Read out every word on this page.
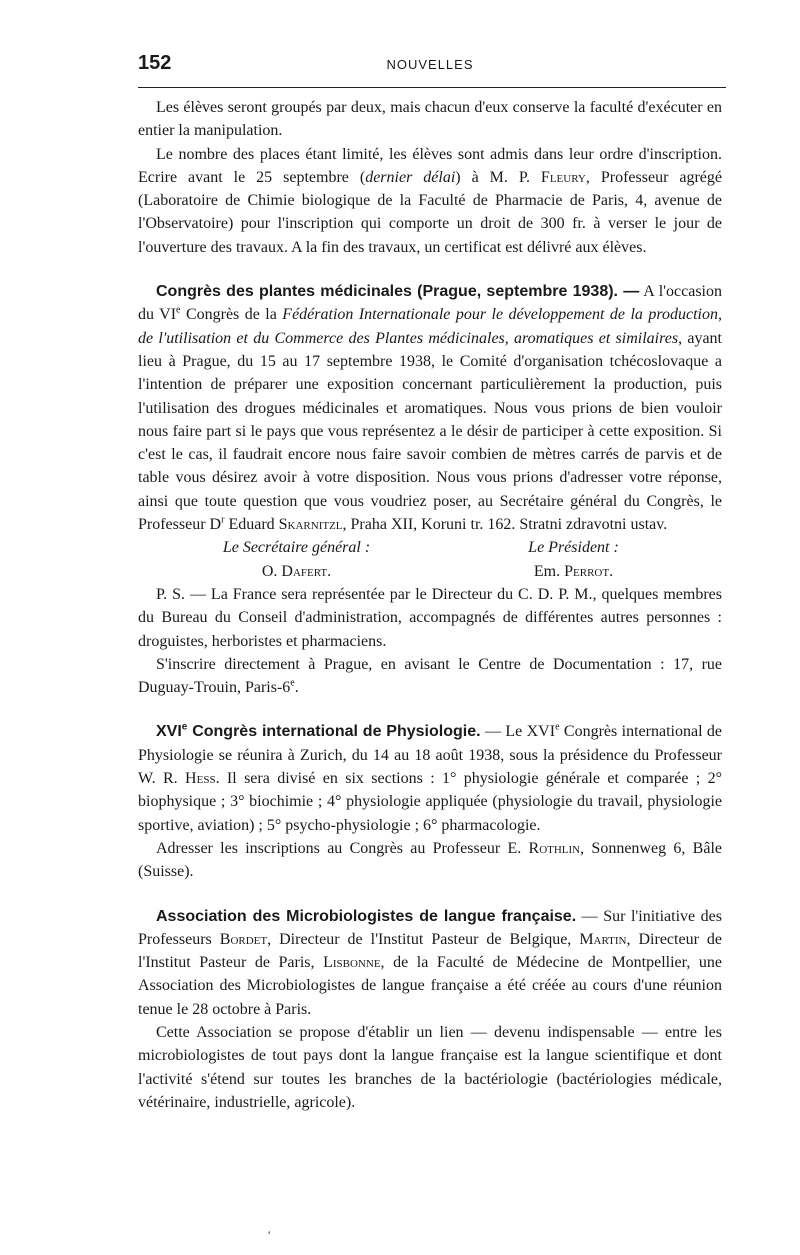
152	NOUVELLES

Les élèves seront groupés par deux, mais chacun d'eux conserve la faculté d'exécuter en entier la manipulation.

Le nombre des places étant limité, les élèves sont admis dans leur ordre d'inscription. Ecrire avant le 25 septembre (dernier délai) à M. P. Fleury, Professeur agrégé (Laboratoire de Chimie biologique de la Faculté de Pharmacie de Paris, 4, avenue de l'Observatoire) pour l'inscription qui comporte un droit de 300 fr. à verser le jour de l'ouverture des travaux. A la fin des travaux, un certificat est délivré aux élèves.

Congrès des plantes médicinales (Prague, septembre 1938). — A l'occasion du VIe Congrès de la Fédération Internationale pour le développement de la production, de l'utilisation et du Commerce des Plantes médicinales, aromatiques et similaires, ayant lieu à Prague, du 15 au 17 septembre 1938, le Comité d'organisation tchécoslovaque a l'intention de préparer une exposition concernant particulièrement la production, puis l'utilisation des drogues médicinales et aromatiques. Nous vous prions de bien vouloir nous faire part si le pays que vous représentez a le désir de participer à cette exposition. Si c'est le cas, il faudrait encore nous faire savoir combien de mètres carrés de parvis et de table vous désirez avoir à votre disposition. Nous vous prions d'adresser votre réponse, ainsi que toute question que vous voudriez poser, au Secrétaire général du Congrès, le Professeur $D^r$ Eduard Skarnitzl, Praha XII, Koruni tr. 162. Stratni zdravotni ustav.

Le Secrétaire général :
O. Dafert.
Le Président :
Em. Perrot.

P. S. — La France sera représentée par le Directeur du C. D. P. M., quelques membres du Bureau du Conseil d'administration, accompagnés de différentes autres personnes : droguistes, herboristes et pharmaciens.

S'inscrire directement à Prague, en avisant le Centre de Documentation : 17, rue Duguay-Trouin, Paris-6e.

XVIe Congrès international de Physiologie. — Le XVIe Congrès international de Physiologie se réunira à Zurich, du 14 au 18 août 1938, sous la présidence du Professeur W. R. Hess. Il sera divisé en six sections : 1° physiologie générale et comparée ; 2° biophysique ; 3° biochimie ; 4° physiologie appliquée (physiologie du travail, physiologie sportive, aviation) ; 5° psycho-physiologie ; 6° pharmacologie.

Adresser les inscriptions au Congrès au Professeur E. Rothlin, Sonnenweg 6, Bâle (Suisse).

Association des Microbiologistes de langue française. — Sur l'initiative des Professeurs Bordet, Directeur de l'Institut Pasteur de Belgique, Martin, Directeur de l'Institut Pasteur de Paris, Lisbonne, de la Faculté de Médecine de Montpellier, une Association des Microbiologistes de langue française a été créée au cours d'une réunion tenue le 28 octobre à Paris.

Cette Association se propose d'établir un lien — devenu indispensable — entre les microbiologistes de tout pays dont la langue française est la langue scientifique et dont l'activité s'étend sur toutes les branches de la bactériologie (bactériologies médicale, vétérinaire, industrielle, agricole).

′
